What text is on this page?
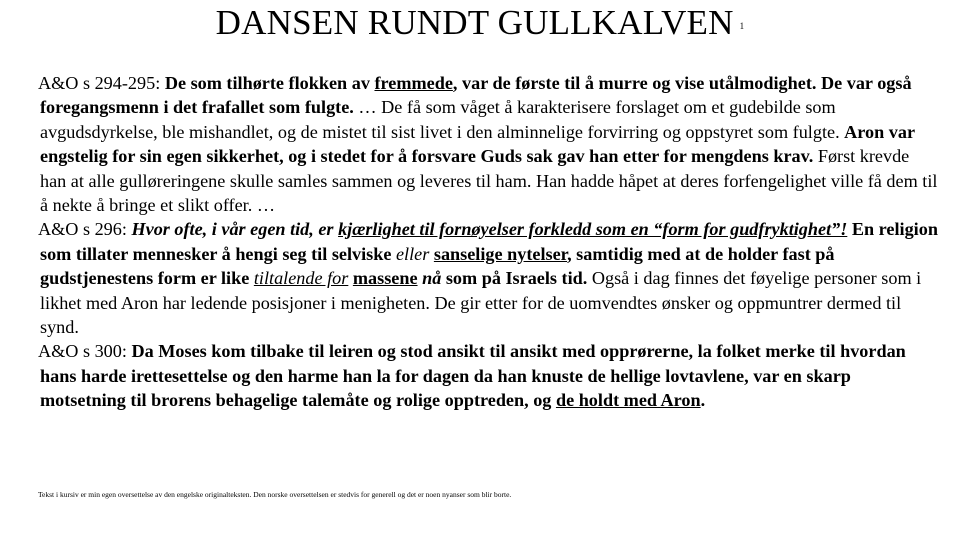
DANSEN RUNDT GULLKALVEN 1

A&O s 294-295: De som tilhørte flokken av fremmede, var de første til å murre og vise utålmodighet. De var også foregangsmenn i det frafallet som fulgte. … De få som våget å karakterisere forslaget om et gudebilde som avgudsdyrkelse, ble mishandlet, og de mistet til sist livet i den alminnelige forvirring og oppstyret som fulgte. Aron var engstelig for sin egen sikkerhet, og i stedet for å forsvare Guds sak gav han etter for mengdens krav. Først krevde han at alle gulløreringene skulle samles sammen og leveres til ham. Han hadde håpet at deres forfengelighet ville få dem til å nekte å bringe et slikt offer. …

A&O s 296: Hvor ofte, i vår egen tid, er kjærlighet til fornøyelser forkledd som en “form for gudfryktighet”! En religion som tillater mennesker å hengi seg til selviske eller sanselige nytelser, samtidig med at de holder fast på gudstjenestens form er like tiltalende for massene nå som på Israels tid. Også i dag finnes det føyelige personer som i likhet med Aron har ledende posisjoner i menigheten. De gir etter for de uomvendtes ønsker og oppmuntrer dermed til synd.

A&O s 300: Da Moses kom tilbake til leiren og stod ansikt til ansikt med opprørerne, la folket merke til hvordan hans harde irettesettelse og den harme han la for dagen da han knuste de hellige lovtavlene, var en skarp motsetning til brorens behagelige talemåte og rolige opptreden, og de holdt med Aron.

Tekst i kursiv er min egen oversettelse av den engelske originalteksten. Den norske oversettelsen er stedvis for generell og det er noen nyanser som blir borte.
